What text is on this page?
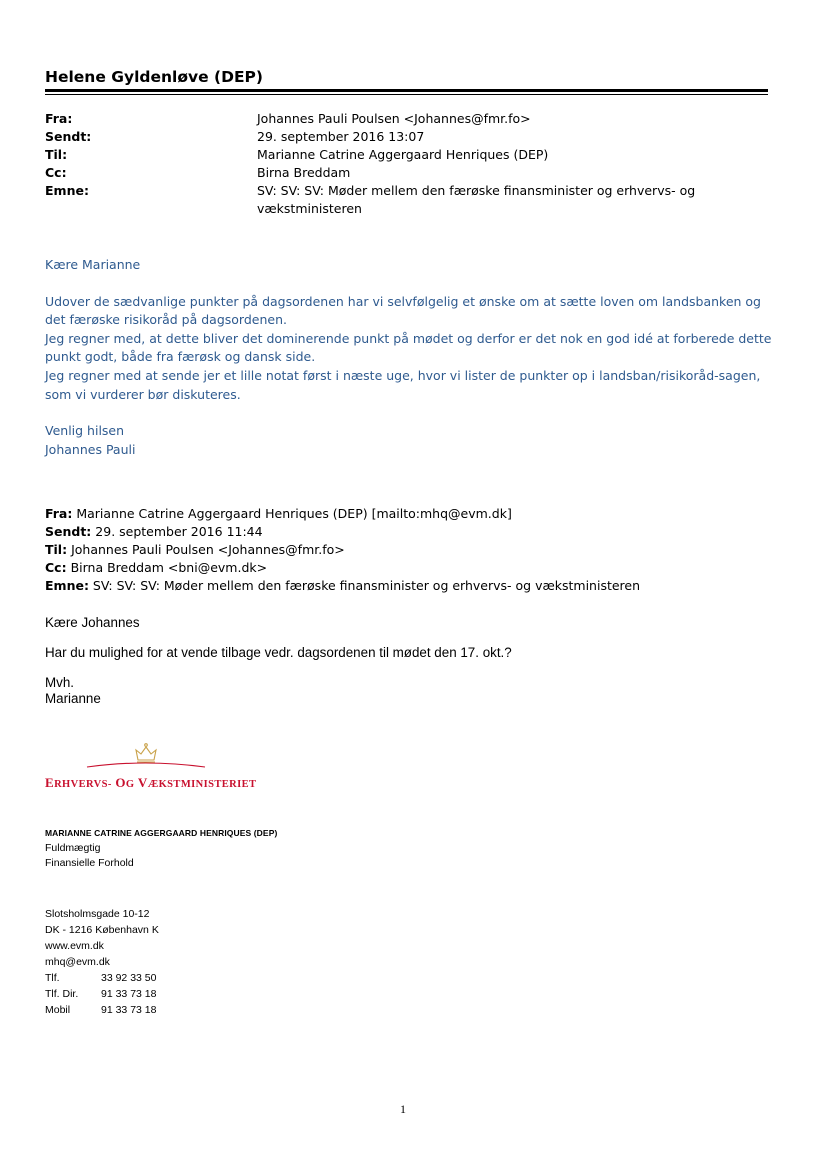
Helene Gyldenløve (DEP)
Fra:	Johannes Pauli Poulsen <Johannes@fmr.fo>
Sendt:	29. september 2016 13:07
Til:	Marianne Catrine Aggergaard Henriques (DEP)
Cc:	Birna Breddam
Emne:	SV: SV: SV: Møder mellem den færøske finansminister og erhvervs- og
vækstministeren

Kære Marianne

Udover de sædvanlige punkter på dagsordenen har vi selvfølgelig et ønske om at sætte loven om landsbanken og

det færøske risikoråd på dagsordenen.

Jeg regner med, at dette bliver det dominerende punkt på mødet og derfor er det nok en god idé at forberede dette

punkt godt, både fra færøsk og dansk side.

Jeg regner med at sende jer et lille notat først i næste uge, hvor vi lister de punkter op i landsban/risikoråd-sagen,

som vi vurderer bør diskuteres.

Venlig hilsen

Johannes Pauli

Fra: Marianne Catrine Aggergaard Henriques (DEP) [mailto:mhq@evm.dk]
Sendt: 29. september 2016 11:44
Til: Johannes Pauli Poulsen <Johannes@fmr.fo>
Cc: Birna Breddam <bni@evm.dk>
Emne: SV: SV: SV: Møder mellem den færøske finansminister og erhvervs- og vækstministeren

Kære Johannes

Har du mulighed for at vende tilbage vedr. dagsordenen til mødet den 17. okt.?

Mvh.

Marianne

ERHVERVS- OG VÆKSTMINISTERIET

MARIANNE CATRINE AGGERGAARD HENRIQUES (DEP)

Fuldmægtig

Finansielle Forhold

Slotsholmsgade 10-12

DK - 1216 København K

www.evm.dk

mhq@evm.dk

Tlf.	33 92 33 50
Tlf. Dir.	91 33 73 18
Mobil	91 33 73 18
1
